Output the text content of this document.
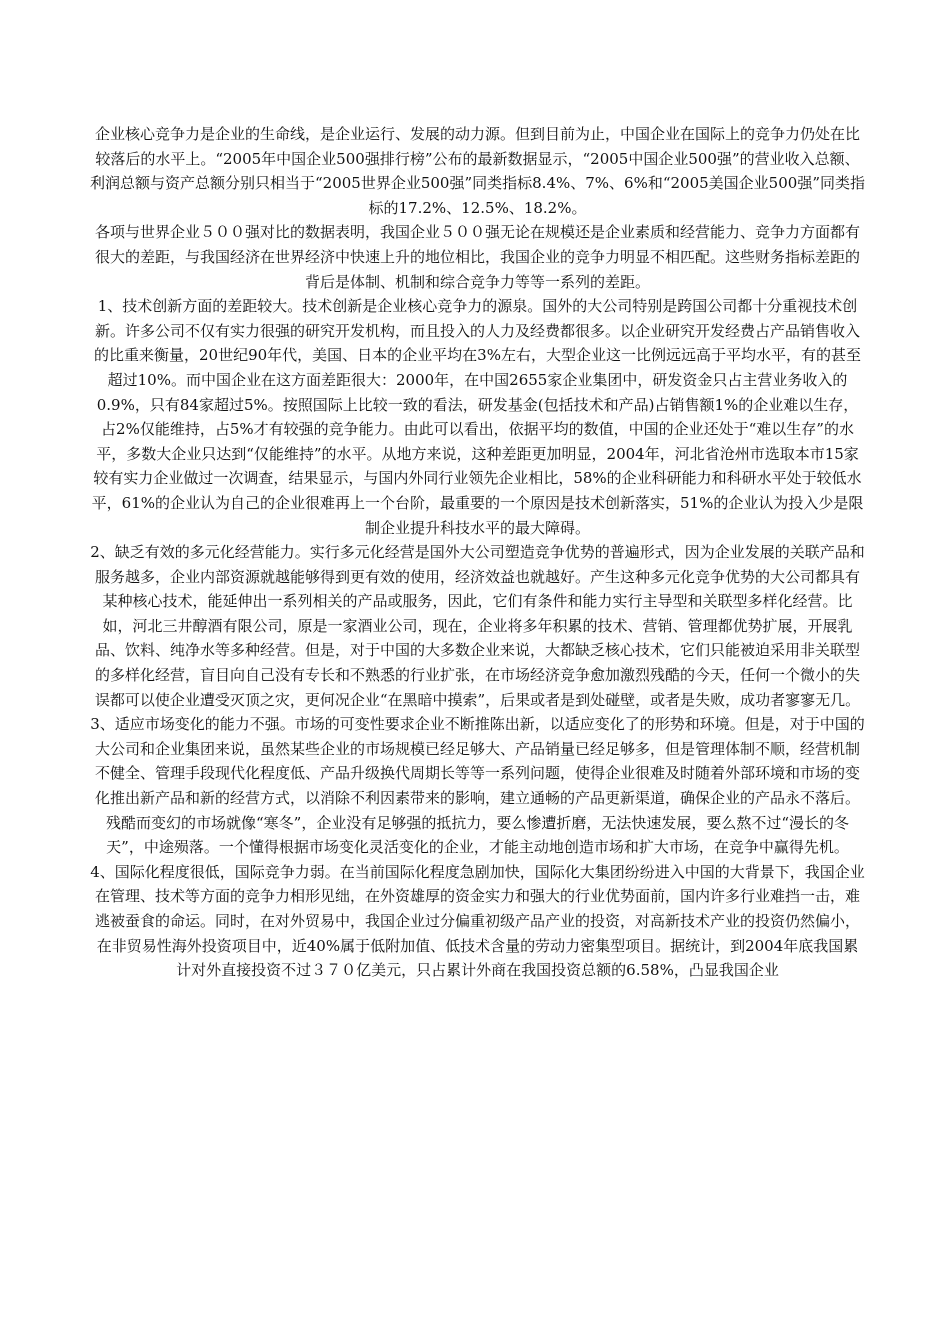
企业核心竞争力是企业的生命线，是企业运行、发展的动力源。但到目前为止，中国企业在国际上的竞争力仍处在比较落后的水平上。“2005年中国企业500强排行榜”公布的最新数据显示，“2005中国企业500强”的营业收入总额、利润总额与资产总额分别只相当于“2005世界企业500强”同类指标8.4%、7%、6%和“2005美国企业500强”同类指标的17.2%、12.5%、18.2%。

各项与世界企业５００强对比的数据表明，我国企业５００强无论在规模还是企业素质和经营能力、竞争力方面都有很大的差距，与我国经济在世界经济中快速上升的地位相比，我国企业的竞争力明显不相匹配。这些财务指标差距的背后是体制、机制和综合竞争力等等一系列的差距。

1、技术创新方面的差距较大。技术创新是企业核心竞争力的源泉。国外的大公司特别是跨国公司都十分重视技术创新。许多公司不仅有实力很强的研究开发机构，而且投入的人力及经费都很多。以企业研究开发经费占产品销售收入的比重来衡量，20世纪90年代，美国、日本的企业平均在3%左右，大型企业这一比例远远高于平均水平，有的甚至超过10%。而中国企业在这方面差距很大：2000年，在中国2655家企业集团中，研发资金只占主营业务收入的0.9%，只有84家超过5%。按照国际上比较一致的看法，研发基金(包括技术和产品)占销售额1%的企业难以生存，占2%仅能维持，占5%才有较强的竞争能力。由此可以看出，依据平均的数值，中国的企业还处于“难以生存”的水平，多数大企业只达到“仅能维持”的水平。从地方来说，这种差距更加明显，2004年，河北省沧州市选取本市15家较有实力企业做过一次调查，结果显示，与国内外同行业领先企业相比，58%的企业科研能力和科研水平处于较低水平，61%的企业认为自己的企业很难再上一个台阶，最重要的一个原因是技术创新落实，51%的企业认为投入少是限制企业提升科技水平的最大障碍。

2、缺乏有效的多元化经营能力。实行多元化经营是国外大公司塑造竞争优势的普遍形式，因为企业发展的关联产品和服务越多，企业内部资源就越能够得到更有效的使用，经济效益也就越好。产生这种多元化竞争优势的大公司都具有某种核心技术，能延伸出一系列相关的产品或服务，因此，它们有条件和能力实行主导型和关联型多样化经营。比如，河北三井醇酒有限公司，原是一家酒业公司，现在，企业将多年积累的技术、营销、管理都优势扩展，开展乳品、饮料、纯净水等多种经营。但是，对于中国的大多数企业来说，大都缺乏核心技术，它们只能被迫采用非关联型的多样化经营，盲目向自己没有专长和不熟悉的行业扩张，在市场经济竞争愈加激烈残酷的今天，任何一个微小的失误都可以使企业遭受灭顶之灾，更何况企业“在黑暗中摸索”，后果或者是到处碰壁，或者是失败，成功者寥寥无几。

3、适应市场变化的能力不强。市场的可变性要求企业不断推陈出新，以适应变化了的形势和环境。但是，对于中国的大公司和企业集团来说，虽然某些企业的市场规模已经足够大、产品销量已经足够多，但是管理体制不顺，经营机制不健全、管理手段现代化程度低、产品升级换代周期长等等一系列问题，使得企业很难及时随着外部环境和市场的变化推出新产品和新的经营方式，以消除不利因素带来的影响，建立通畅的产品更新渠道，确保企业的产品永不落后。残酷而变幻的市场就像“寒冬”，企业没有足够强的抵抗力，要么惨遭折磨，无法快速发展，要么熬不过“漫长的冬天”，中途殒落。一个懂得根据市场变化灵活变化的企业，才能主动地创造市场和扩大市场，在竞争中赢得先机。

4、国际化程度很低，国际竞争力弱。在当前国际化程度急剧加快，国际化大集团纷纷进入中国的大背景下，我国企业在管理、技术等方面的竞争力相形见绌，在外资雄厚的资金实力和强大的行业优势面前，国内许多行业难挡一击，难逃被蚕食的命运。同时，在对外贸易中，我国企业过分偏重初级产品产业的投资，对高新技术产业的投资仍然偏小，在非贸易性海外投资项目中，近40%属于低附加值、低技术含量的劳动力密集型项目。据统计，到2004年底我国累计对外直接投资不过３７０亿美元，只占累计外商在我国投资总额的6.58%，凸显我国企业
